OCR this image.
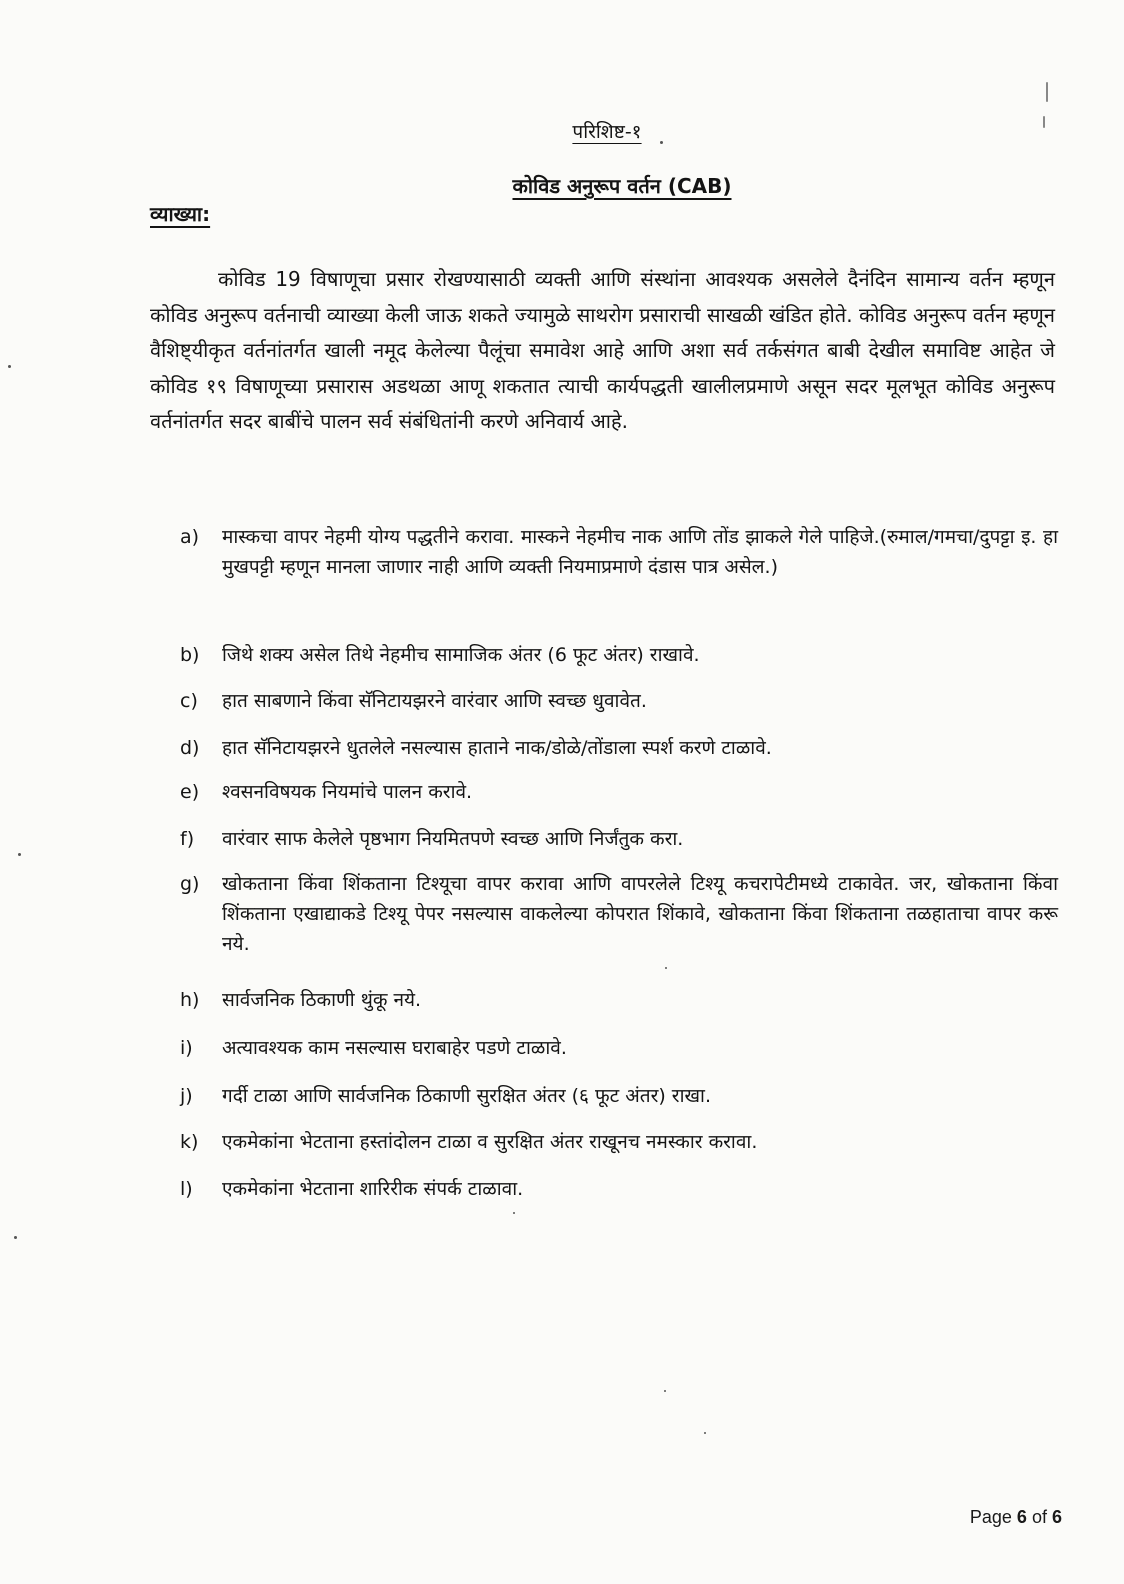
परिशिष्ट-१
कोविड अनुरूप वर्तन (CAB)
व्याख्या:
कोविड 19 विषाणूचा प्रसार रोखण्यासाठी व्यक्ती आणि संस्थांना आवश्यक असलेले दैनंदिन सामान्य वर्तन म्हणून कोविड अनुरूप वर्तनाची व्याख्या केली जाऊ शकते ज्यामुळे साथरोग प्रसाराची साखळी खंडित होते. कोविड अनुरूप वर्तन म्हणून वैशिष्ट्यीकृत वर्तनांतर्गत खाली नमूद केलेल्या पैलूंचा समावेश आहे आणि अशा सर्व तर्कसंगत बाबी देखील समाविष्ट आहेत जे कोविड १९ विषाणूच्या प्रसारास अडथळा आणू शकतात त्याची कार्यपद्धती खालीलप्रमाणे असून सदर मूलभूत कोविड अनुरूप वर्तनांतर्गत सदर बाबींचे पालन सर्व संबंधितांनी करणे अनिवार्य आहे.
a)	मास्कचा वापर नेहमी योग्य पद्धतीने करावा. मास्कने नेहमीच नाक आणि तोंड झाकले गेले पाहिजे.(रुमाल/गमचा/दुपट्टा इ. हा मुखपट्टी म्हणून मानला जाणार नाही आणि व्यक्ती नियमाप्रमाणे दंडास पात्र असेल.)
b)	जिथे शक्य असेल तिथे नेहमीच सामाजिक अंतर (6 फूट अंतर) राखावे.
c)	हात साबणाने किंवा सॅनिटायझरने वारंवार आणि स्वच्छ धुवावेत.
d)	हात सॅनिटायझरने धुतलेले नसल्यास हाताने नाक/डोळे/तोंडाला स्पर्श करणे टाळावे.
e)	श्वसनविषयक नियमांचे पालन करावे.
f)	वारंवार साफ केलेले पृष्ठभाग नियमितपणे स्वच्छ आणि निर्जंतुक करा.
g)	खोकताना किंवा शिंकताना टिश्यूचा वापर करावा आणि वापरलेले टिश्यू कचरापेटीमध्ये टाकावेत. जर, खोकताना किंवा शिंकताना एखाद्याकडे टिश्यू पेपर नसल्यास वाकलेल्या कोपरात शिंकावे, खोकताना किंवा शिंकताना तळहाताचा वापर करू नये.
h)	सार्वजनिक ठिकाणी थुंकू नये.
i)	अत्यावश्यक काम नसल्यास घराबाहेर पडणे टाळावे.
j)	गर्दी टाळा आणि सार्वजनिक ठिकाणी सुरक्षित अंतर (६ फूट अंतर) राखा.
k)	एकमेकांना भेटताना हस्तांदोलन टाळा व सुरक्षित अंतर राखूनच नमस्कार करावा.
l)	एकमेकांना भेटताना शारिरीक संपर्क टाळावा.
Page 6 of 6
